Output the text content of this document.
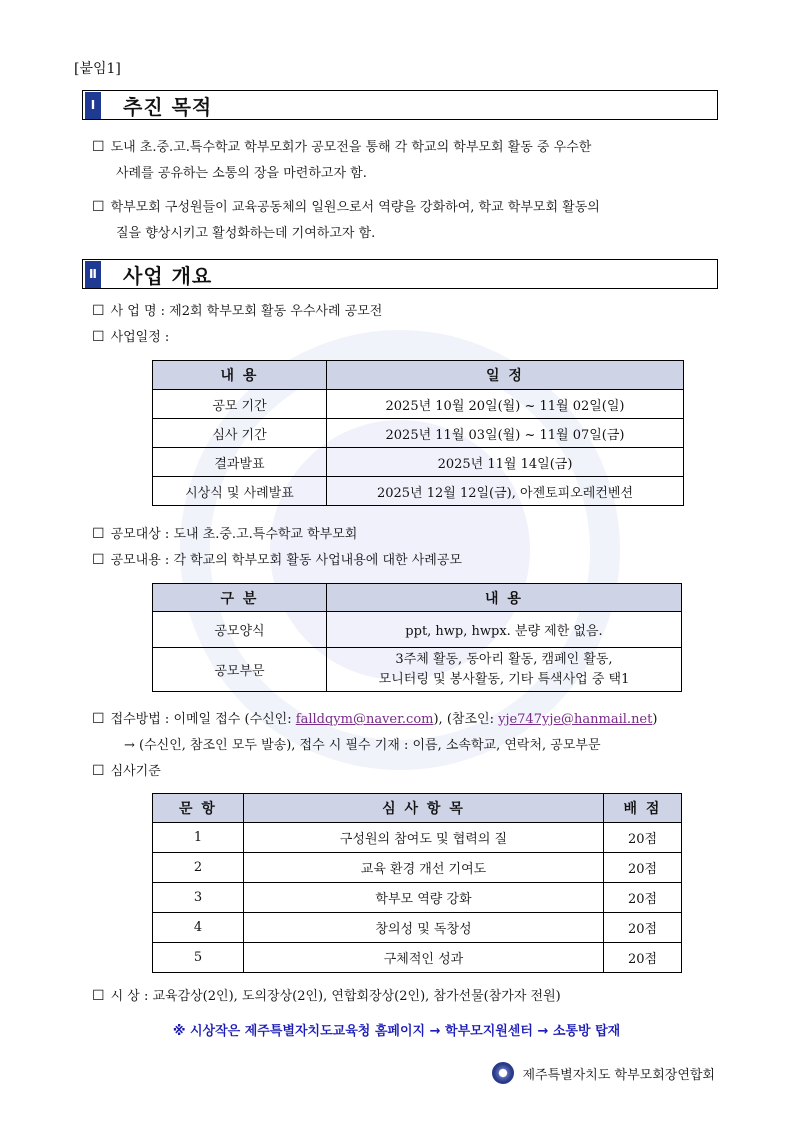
[붙임1]
Ⅰ 추진 목적
☐ 도내 초.중.고.특수학교 학부모회가 공모전을 통해 각 학교의 학부모회 활동 중 우수한
사례를 공유하는 소통의 장을 마련하고자 함.
☐ 학부모회 구성원들이 교육공동체의 일원으로서 역량을 강화하여, 학교 학부모회 활동의
질을 향상시키고 활성화하는데 기여하고자 함.
Ⅱ 사업 개요
☐ 사 업 명 : 제2회 학부모회 활동 우수사례 공모전
☐ 사업일정 :
내 용	일 정
공모 기간	2025년 10월 20일(월) ~ 11월 02일(일)
심사 기간	2025년 11월 03일(월) ~ 11월 07일(금)
결과발표	2025년 11월 14일(금)
시상식 및 사례발표	2025년 12월 12일(금), 아젠토피오레컨벤션
☐ 공모대상 : 도내 초.중.고.특수학교 학부모회
☐ 공모내용 : 각 학교의 학부모회 활동 사업내용에 대한 사례공모
구 분	내 용
공모양식	ppt, hwp, hwpx. 분량 제한 없음.
공모부문	3주체 활동, 동아리 활동, 캠페인 활동,
모니터링 및 봉사활동, 기타 특색사업 중 택1
☐ 접수방법 : 이메일 접수 (수신인: falldqym@naver.com), (참조인: yje747yje@hanmail.net)
→ (수신인, 참조인 모두 발송), 접수 시 필수 기재 : 이름, 소속학교, 연락처, 공모부문
☐ 심사기준
문 항	심 사 항 목	배 점
1	구성원의 참여도 및 협력의 질	20점
2	교육 환경 개선 기여도	20점
3	학부모 역량 강화	20점
4	창의성 및 독창성	20점
5	구체적인 성과	20점
☐ 시 상 : 교육감상(2인), 도의장상(2인), 연합회장상(2인), 참가선물(참가자 전원)
※ 시상작은 제주특별자치도교육청 홈페이지 → 학부모지원센터 → 소통방 탑재
제주특별자치도 학부모회장연합회
